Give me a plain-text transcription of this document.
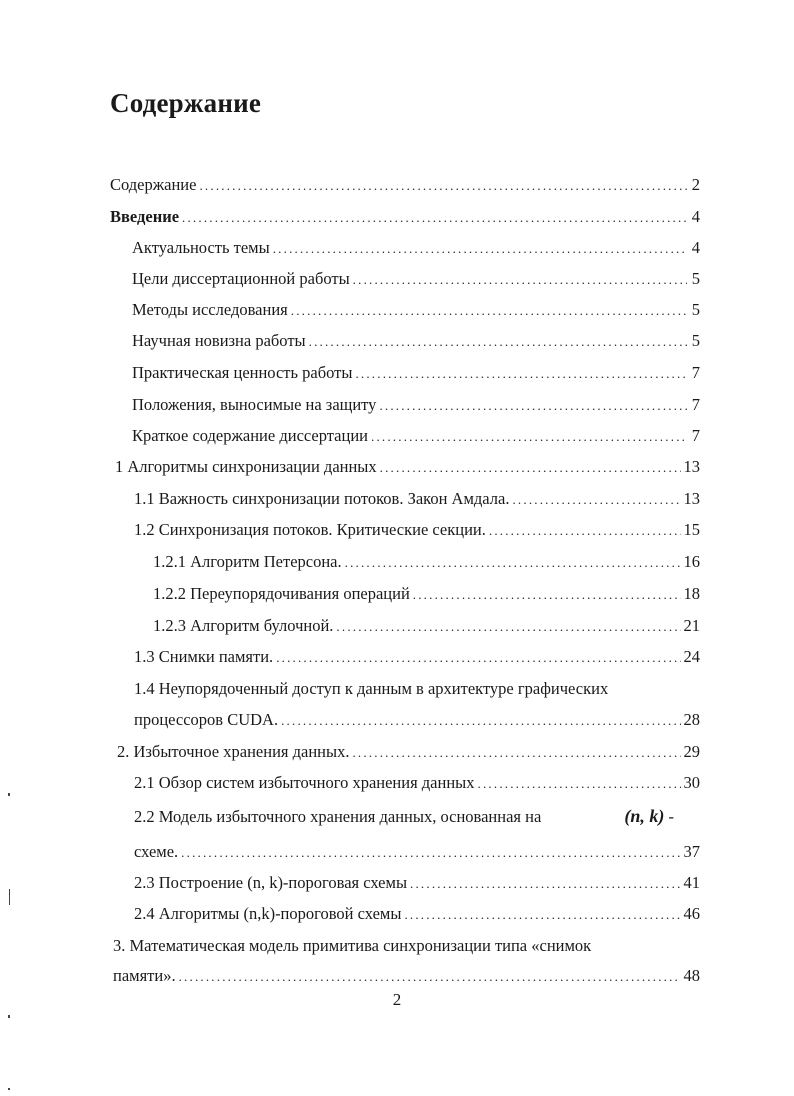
Содержание
Содержание .....	2
Введение .....	4
Актуальность темы .....	4
Цели диссертационной работы .....	5
Методы исследования .....	5
Научная новизна работы .....	5
Практическая ценность работы .....	7
Положения, выносимые на защиту .....	7
Краткое содержание диссертации .....	7
1 Алгоритмы синхронизации данных .....	13
1.1 Важность синхронизации потоков. Закон Амдала. .....	13
1.2 Синхронизация потоков. Критические секции. .....	15
1.2.1 Алгоритм Петерсона. .....	16
1.2.2 Переупорядочивания операций .....	18
1.2.3 Алгоритм булочной. .....	21
1.3 Снимки памяти. .....	24
1.4 Неупорядоченный доступ к данным в архитектуре графических
процессоров CUDA. .....	28
2. Избыточное хранения данных. .....	29
2.1 Обзор систем избыточного хранения данных .....	30
2.2 Модель избыточного хранения данных, основанная на	(n, k) -
схеме. .....	37
2.3 Построение (n, k)-пороговая схемы .....	41
2.4 Алгоритмы (n,k)-пороговой схемы .....	46
3. Математическая модель примитива синхронизации типа «снимок
памяти». .....	48
2
